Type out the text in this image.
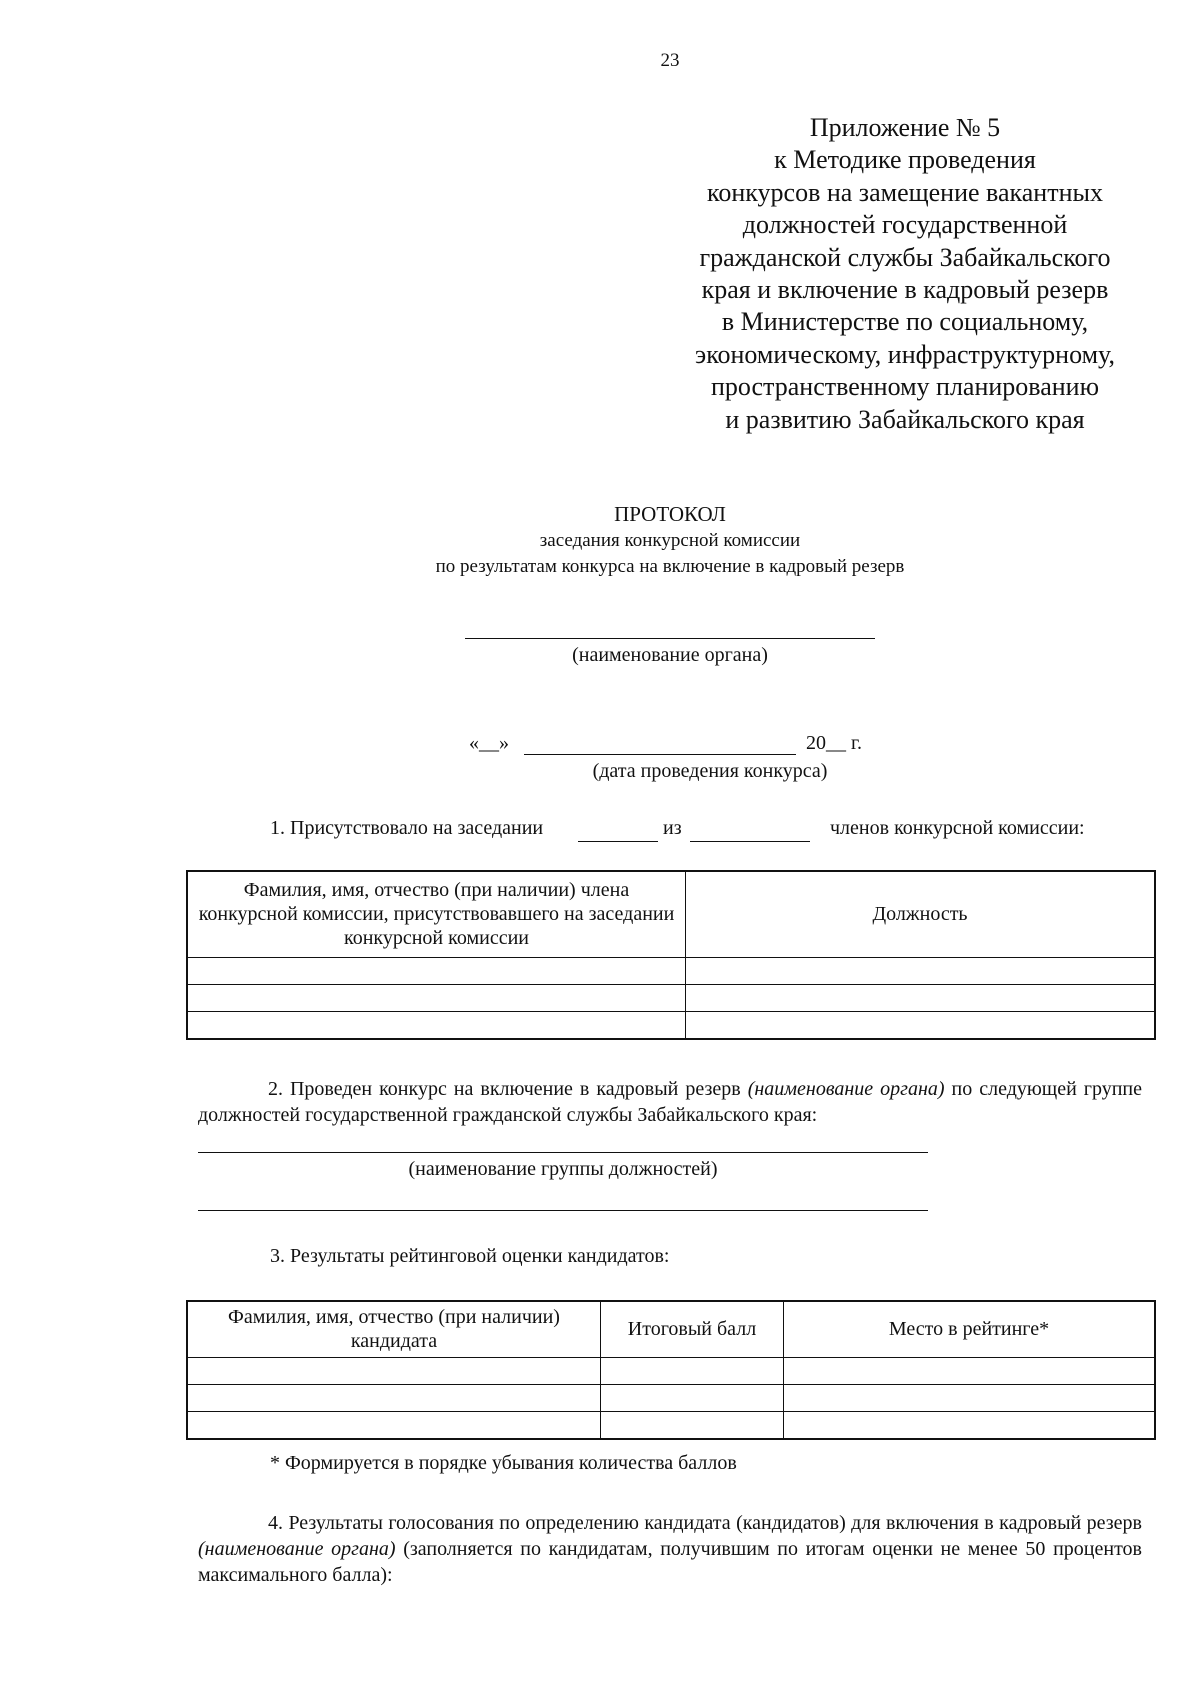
23
Приложение № 5
к Методике проведения
конкурсов на замещение вакантных
должностей государственной
гражданской службы Забайкальского
края и включение в кадровый резерв
в Министерстве по социальному,
экономическому, инфраструктурному,
пространственному планированию
и развитию Забайкальского края
ПРОТОКОЛ
заседания конкурсной комиссии
по результатам конкурса на включение в кадровый резерв
(наименование органа)
«__»	20__ г.
(дата проведения конкурса)
1. Присутствовало на заседании	из	членов конкурсной комиссии:
Фамилия, имя, отчество (при наличии) члена конкурсной комиссии, присутствовавшего на заседании конкурсной комиссии	Должность

2. Проведен конкурс на включение в кадровый резерв (наименование органа) по следующей группе должностей государственной гражданской службы Забайкальского края:
(наименование группы должностей)
3. Результаты рейтинговой оценки кандидатов:
Фамилия, имя, отчество (при наличии) кандидата	Итоговый балл	Место в рейтинге*

* Формируется в порядке убывания количества баллов
4. Результаты голосования по определению кандидата (кандидатов) для включения в кадровый резерв (наименование органа) (заполняется по кандидатам, получившим по итогам оценки не менее 50 процентов максимального балла):
